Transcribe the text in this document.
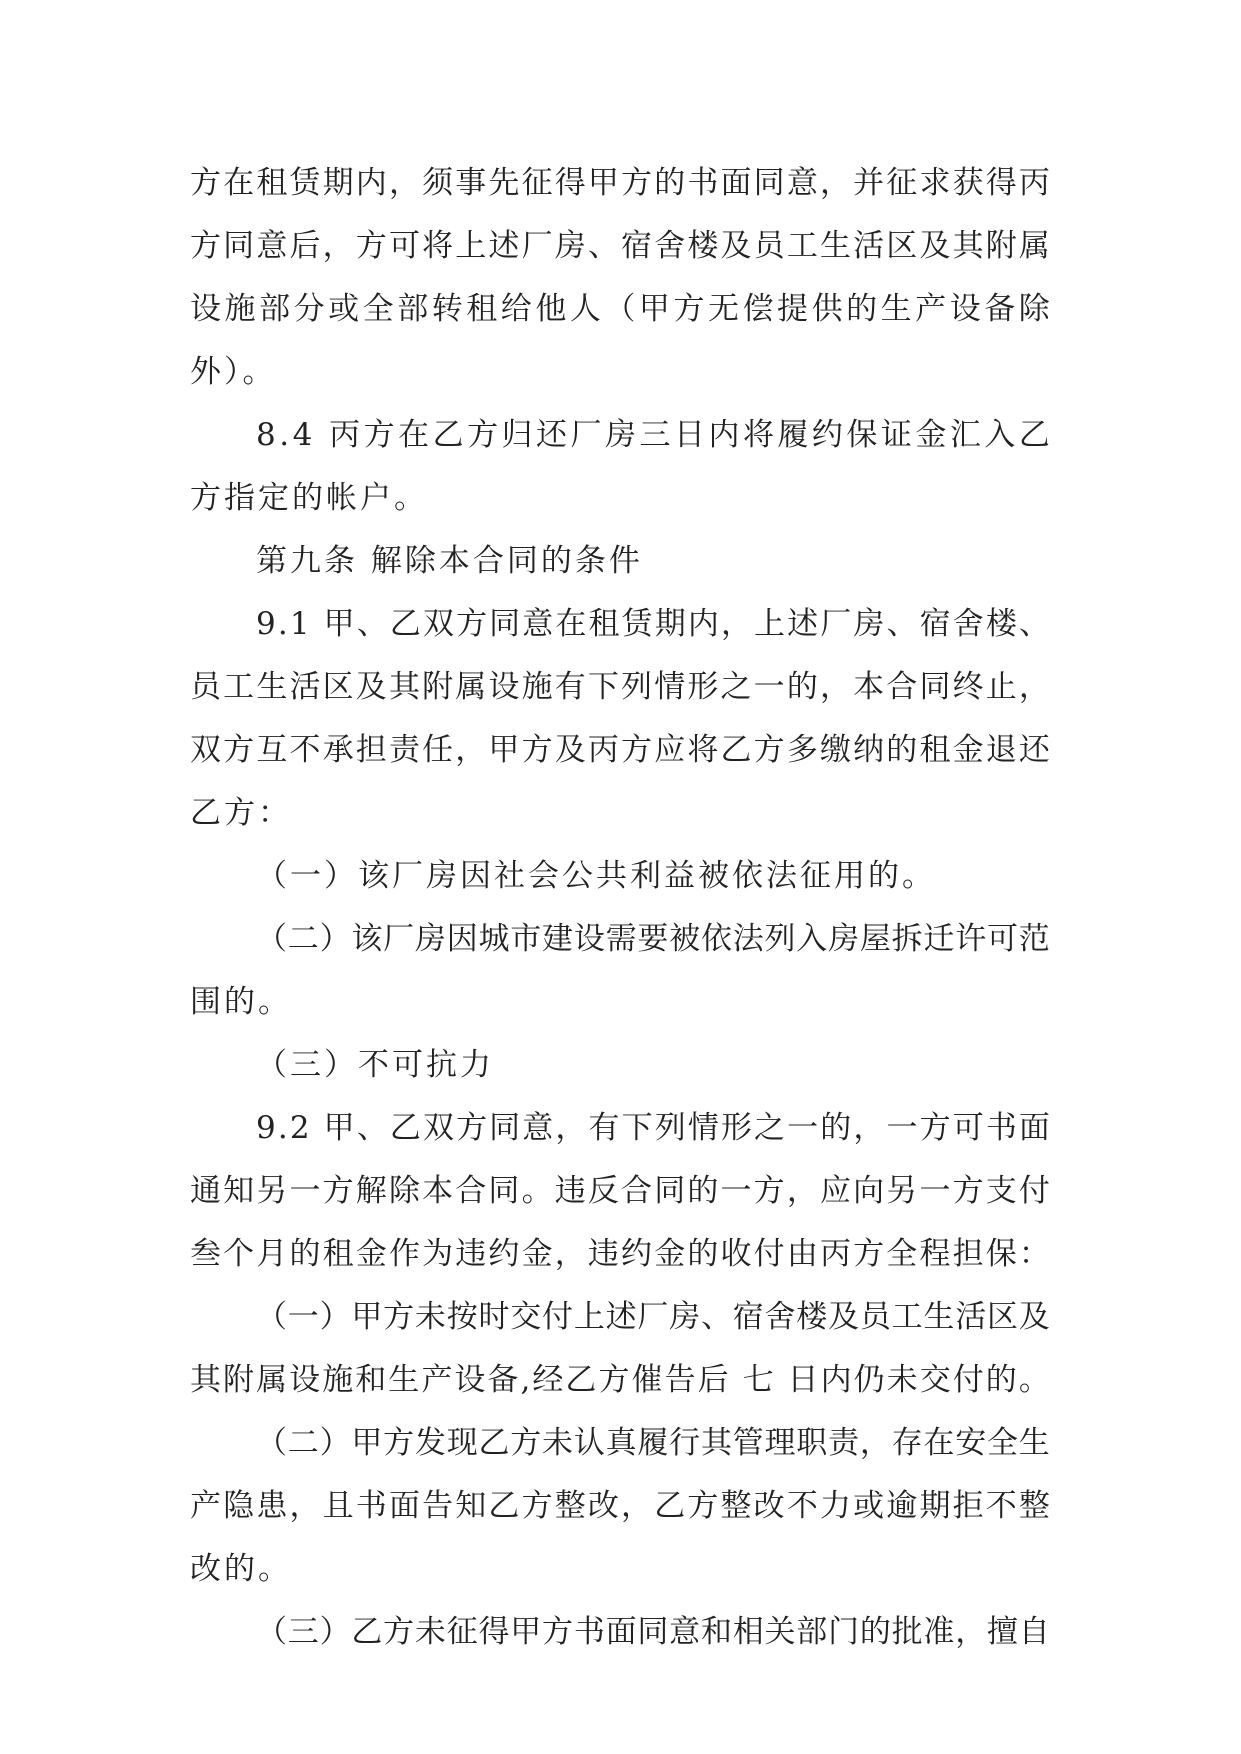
方 在 租 赁 期 内 ， 须 事 先 征 得 甲 方 的 书 面 同 意 ， 并 征 求 获 得 丙
方 同 意 后 ， 方 可 将 上 述 厂 房 、 宿 舍 楼 及 员 工 生 活 区 及 其 附 属
设 施 部 分 或 全 部 转 租 给 他 人 （ 甲 方 无 偿 提 供 的 生 产 设 备 除
外）。
8 . 4
丙 方 在 乙 方 归 还 厂 房 三 日 内 将 履 约 保 证 金 汇 入 乙
方指定的帐户。
第九条 解除本合同的条件
9 . 1
甲 、 乙 双 方 同 意 在 租 赁 期 内 ， 上 述 厂 房 、 宿 舍 楼 、
员 工 生 活 区 及 其 附 属 设 施 有 下 列 情 形 之 一 的 ， 本 合 同 终 止 ，
双 方 互 不 承 担 责 任 ， 甲 方 及 丙 方 应 将 乙 方 多 缴 纳 的 租 金 退 还
乙方：
（一）该厂房因社会公共利益被依法征用的。
（ 二 ） 该 厂 房 因 城 市 建 设 需 要 被 依 法 列 入 房 屋 拆 迁 许 可 范
围的。
（三）不可抗力
9 . 2
甲 、 乙 双 方 同 意 ， 有 下 列 情 形 之 一 的 ， 一 方 可 书 面
通 知 另 一 方 解 除 本 合 同 。 违 反 合 同 的 一 方 ， 应 向 另 一 方 支 付
叁 个 月 的 租 金 作 为 违 约 金 ， 违 约 金 的 收 付 由 丙 方 全 程 担 保 ：
（ 一 ） 甲 方 未 按 时 交 付 上 述 厂 房 、 宿 舍 楼 及 员 工 生 活 区 及
其 附 属 设 施 和 生 产 设 备 , 经 乙 方 催 告 后
七
日 内 仍 未 交 付 的 。
（ 二 ） 甲 方 发 现 乙 方 未 认 真 履 行 其 管 理 职 责 ， 存 在 安 全 生
产 隐 患 ， 且 书 面 告 知 乙 方 整 改 ， 乙 方 整 改 不 力 或 逾 期 拒 不 整
改的。
（ 三 ） 乙 方 未 征 得 甲 方 书 面 同 意 和 相 关 部 门 的 批 准 ， 擅 自
